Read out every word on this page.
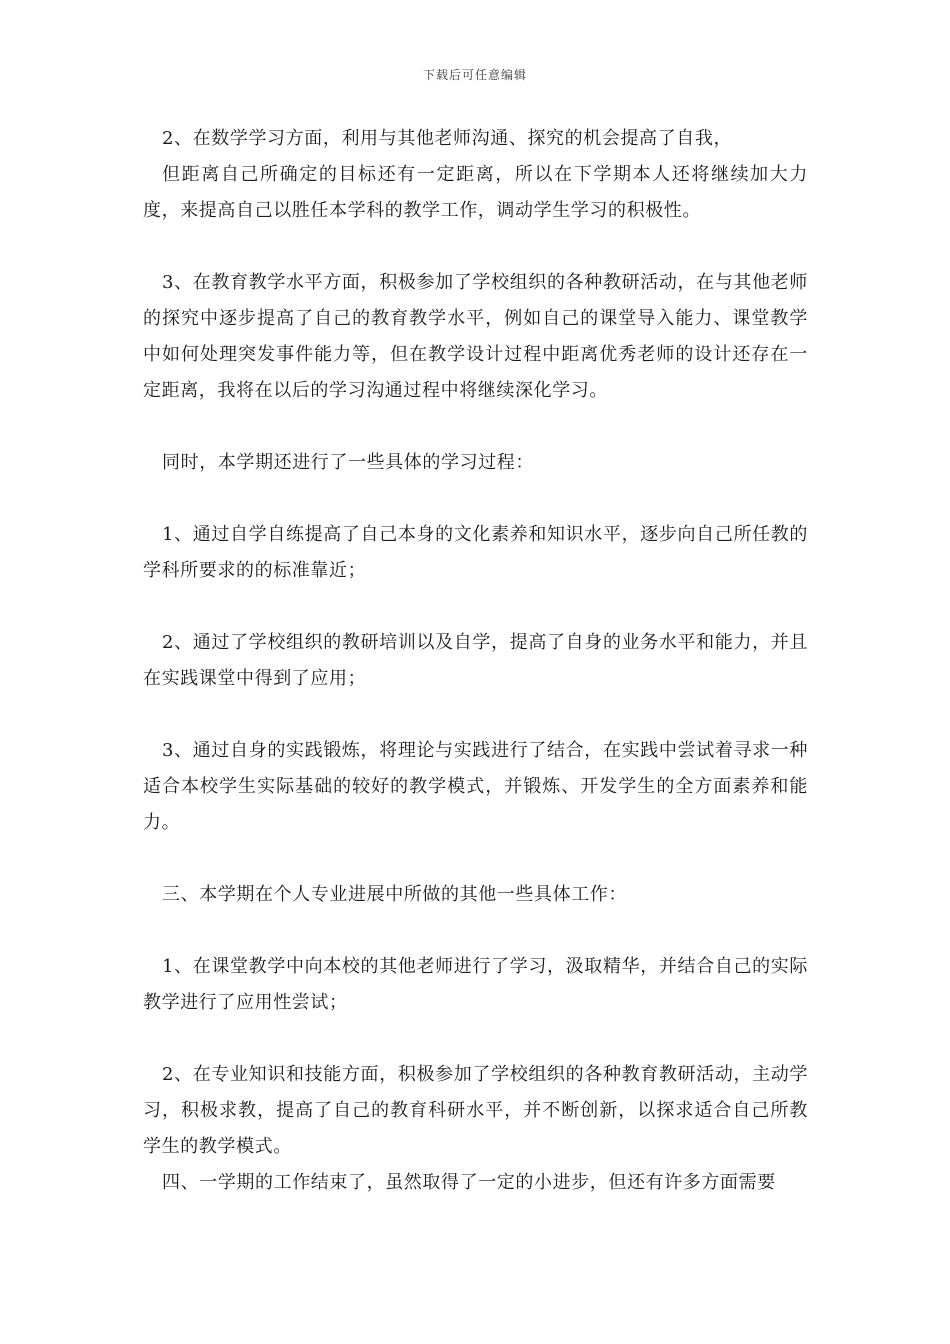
下载后可任意编辑

2、在数学学习方面，利用与其他老师沟通、探究的机会提高了自我，

但距离自己所确定的目标还有一定距离，所以在下学期本人还将继续加大力度，来提高自己以胜任本学科的教学工作，调动学生学习的积极性。

3、在教育教学水平方面，积极参加了学校组织的各种教研活动，在与其他老师的探究中逐步提高了自己的教育教学水平，例如自己的课堂导入能力、课堂教学中如何处理突发事件能力等，但在教学设计过程中距离优秀老师的设计还存在一定距离，我将在以后的学习沟通过程中将继续深化学习。

同时，本学期还进行了一些具体的学习过程：

1、通过自学自练提高了自己本身的文化素养和知识水平，逐步向自己所任教的学科所要求的的标准靠近；

2、通过了学校组织的教研培训以及自学，提高了自身的业务水平和能力，并且在实践课堂中得到了应用；

3、通过自身的实践锻炼，将理论与实践进行了结合，在实践中尝试着寻求一种适合本校学生实际基础的较好的教学模式，并锻炼、开发学生的全方面素养和能力。

三、本学期在个人专业进展中所做的其他一些具体工作：

1、在课堂教学中向本校的其他老师进行了学习，汲取精华，并结合自己的实际教学进行了应用性尝试；

2、在专业知识和技能方面，积极参加了学校组织的各种教育教研活动，主动学习，积极求教，提高了自己的教育科研水平，并不断创新，以探求适合自己所教学生的教学模式。

四、一学期的工作结束了，虽然取得了一定的小进步，但还有许多方面需要
